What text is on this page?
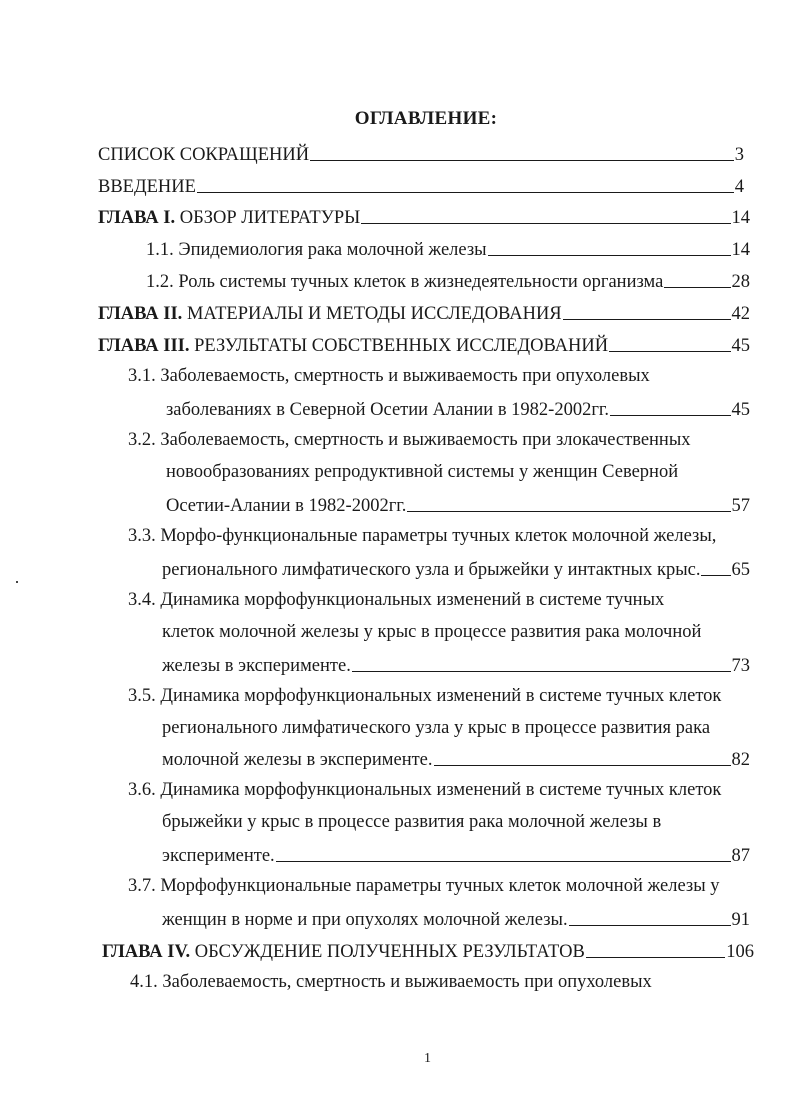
ОГЛАВЛЕНИЕ:
СПИСОК СОКРАЩЕНИЙ	3
ВВЕДЕНИЕ	4
ГЛАВА I. ОБЗОР ЛИТЕРАТУРЫ	14
1.1. Эпидемиология рака молочной железы	14
1.2. Роль системы тучных клеток в жизнедеятельности организма	28
ГЛАВА II. МАТЕРИАЛЫ И МЕТОДЫ ИССЛЕДОВАНИЯ	42
ГЛАВА III. РЕЗУЛЬТАТЫ СОБСТВЕННЫХ ИССЛЕДОВАНИЙ	45
3.1. Заболеваемость, смертность и выживаемость при опухолевых
заболеваниях в Северной Осетии Алании в 1982-2002гг.	45
3.2. Заболеваемость, смертность и выживаемость при злокачественных
новообразованиях репродуктивной системы у женщин Северной
Осетии-Алании в 1982-2002гг.	57
3.3. Морфо-функциональные параметры тучных клеток молочной железы,
регионального лимфатического узла и брыжейки у интактных крыс. 65
3.4. Динамика морфофункциональных изменений в системе тучных
клеток молочной железы у крыс в процессе развития рака молочной
железы в эксперименте.	73
3.5. Динамика морфофункциональных изменений в системе тучных клеток
регионального лимфатического узла у крыс в процессе развития рака
молочной железы в эксперименте.	82
3.6. Динамика морфофункциональных изменений в системе тучных клеток
брыжейки у крыс в процессе развития рака молочной железы в
эксперименте.	87
3.7. Морфофункциональные параметры тучных клеток молочной железы у
женщин в норме и при опухолях молочной железы.	91
ГЛАВА IV. ОБСУЖДЕНИЕ ПОЛУЧЕННЫХ РЕЗУЛЬТАТОВ	106
4.1. Заболеваемость, смертность и выживаемость при опухолевых
1
